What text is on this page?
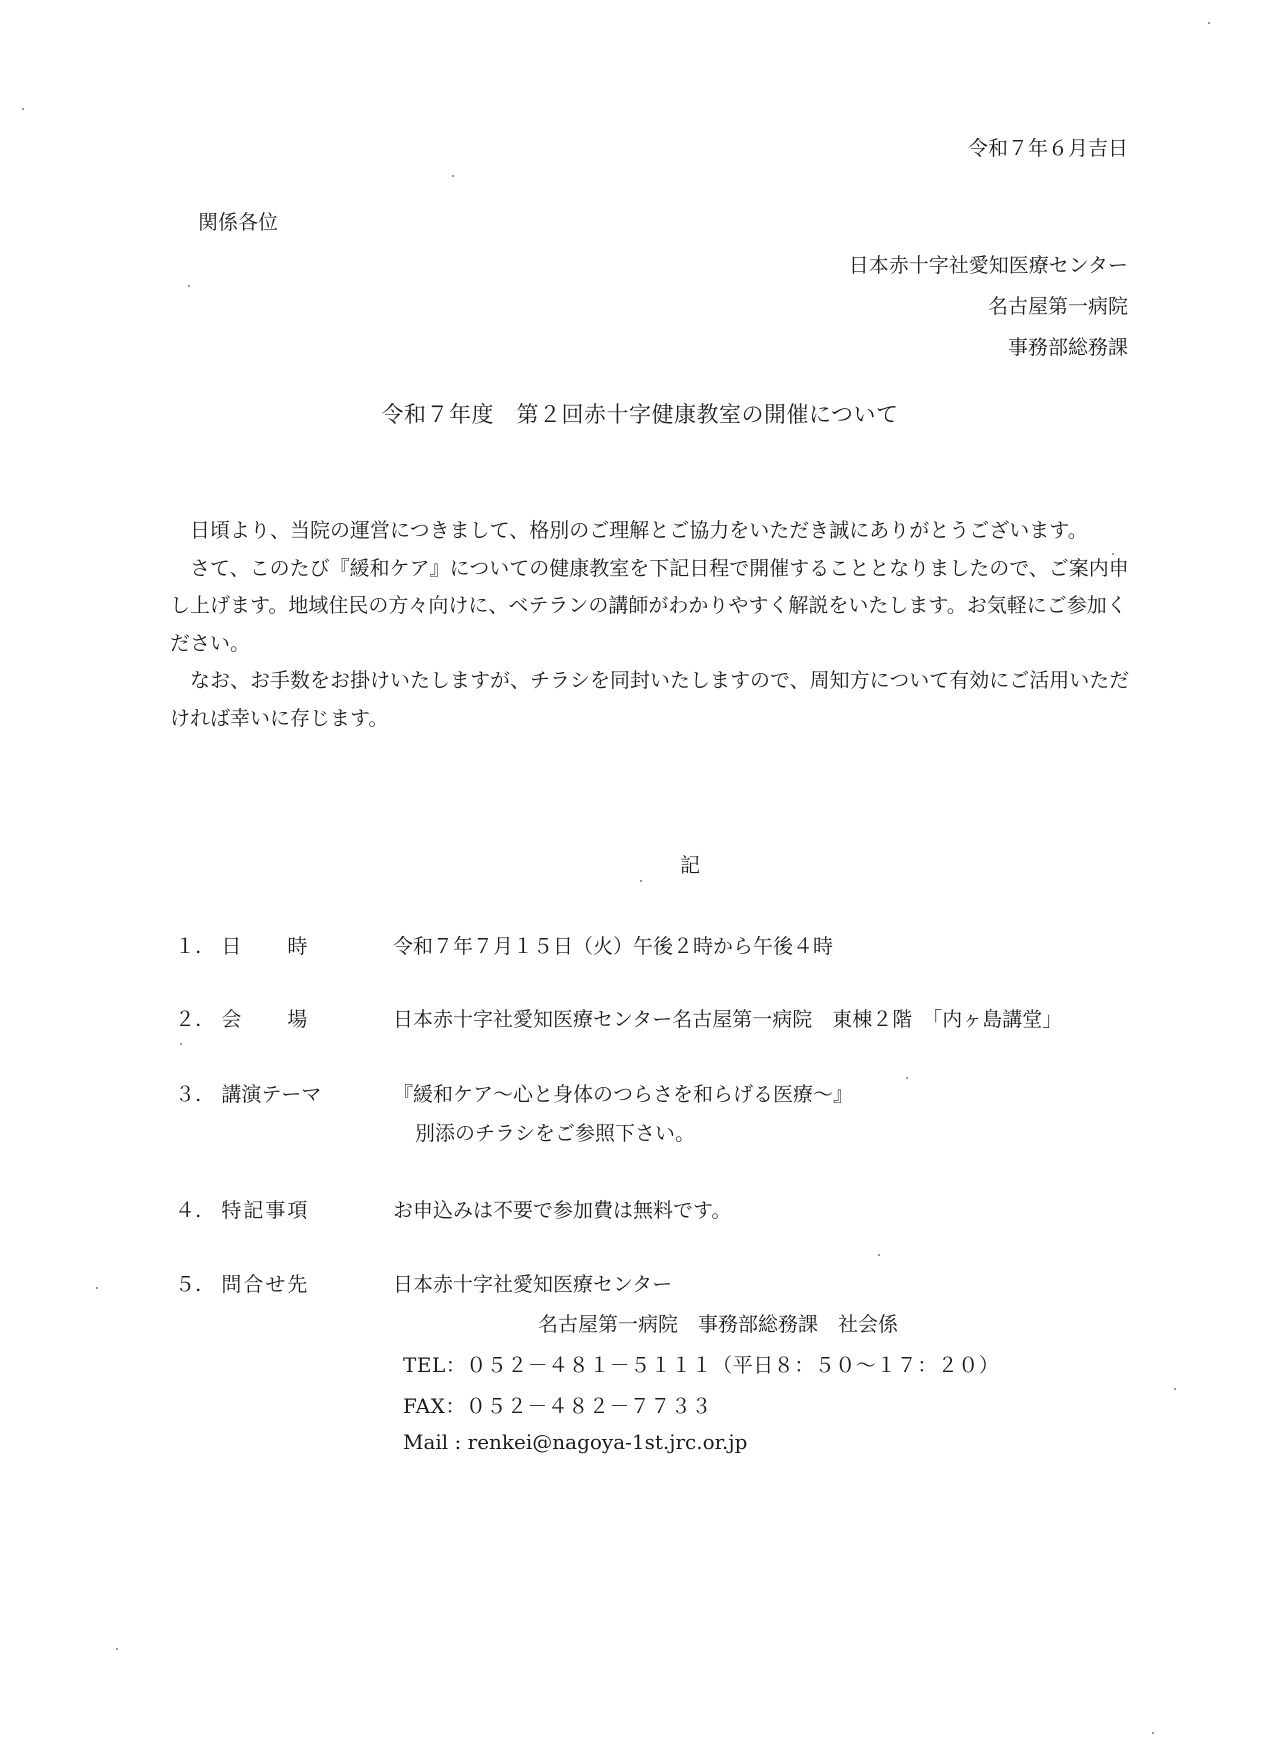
令和７年６月吉日
関係各位
日本赤十字社愛知医療センター
名古屋第一病院
事務部総務課
令和７年度　第２回赤十字健康教室の開催について

日頃より、当院の運営につきまして、格別のご理解とご協力をいただき誠にありがとうございます。

さて、このたび『緩和ケア』についての健康教室を下記日程で開催することとなりましたので、ご案内申し上げます。地域住民の方々向けに、ベテランの講師がわかりやすく解説をいたします。お気軽にご参加ください。

なお、お手数をお掛けいたしますが、チラシを同封いたしますので、周知方について有効にご活用いただければ幸いに存じます。

記
１. 日　　時	令和７年７月１５日（火）午後２時から午後４時
２. 会　　場	日本赤十字社愛知医療センター名古屋第一病院　東棟２階　「内ヶ島講堂」
３. 講演テーマ	『緩和ケア～心と身体のつらさを和らげる医療～』
別添のチラシをご参照下さい。
４. 特記事項	お申込みは不要で参加費は無料です。
５. 問合せ先	日本赤十字社愛知医療センター
名古屋第一病院　事務部総務課　社会係
TEL：０５２－４８１－５１１１（平日８：５０～１７：２０）
FAX：０５２－４８２－７７３３
Mail : renkei@nagoya-1st.jrc.or.jp
